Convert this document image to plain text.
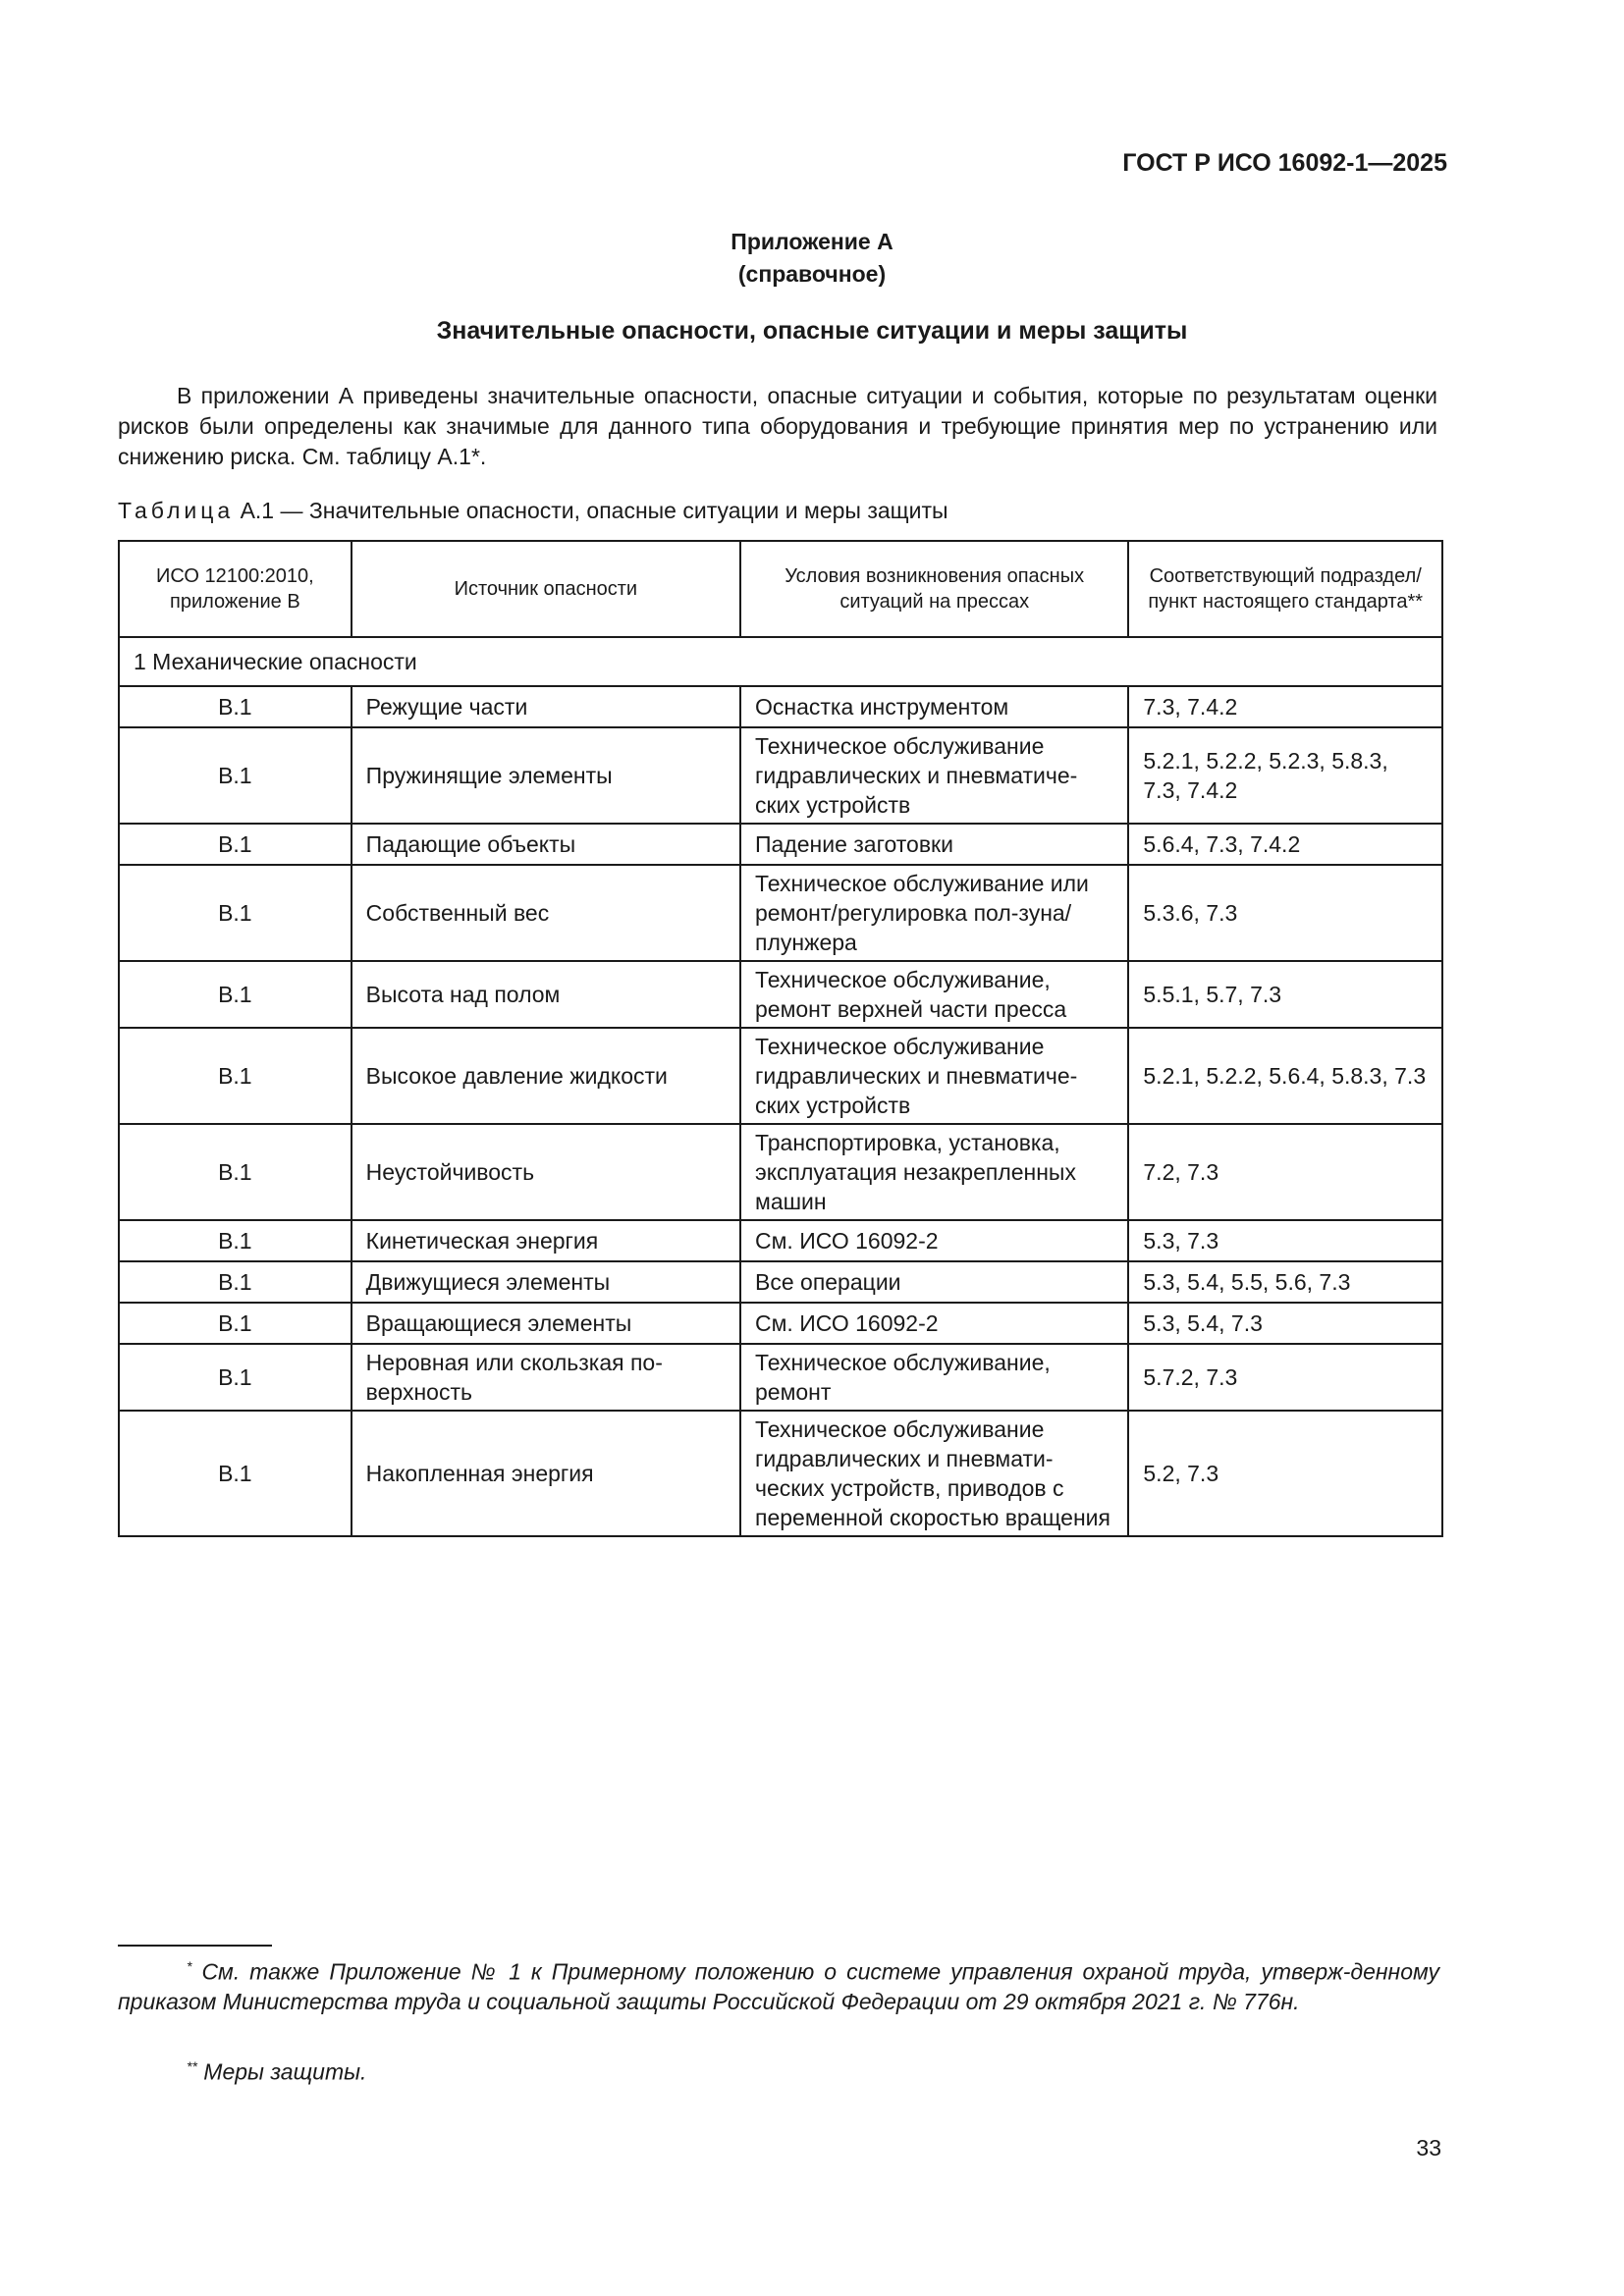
ГОСТ Р ИСО 16092-1—2025
Приложение А
(справочное)
Значительные опасности, опасные ситуации и меры защиты

В приложении А приведены значительные опасности, опасные ситуации и события, которые по результатам оценки рисков были определены как значимые для данного типа оборудования и требующие принятия мер по устранению или снижению риска. См. таблицу А.1*.

Таблица А.1 — Значительные опасности, опасные ситуации и меры защиты
ИСО 12100:2010, приложение В	Источник опасности	Условия возникновения опасных ситуаций на прессах	Соответствующий подраздел/пункт настоящего стандарта**
1 Механические опасности			
В.1	Режущие части	Оснастка инструментом	7.3, 7.4.2
В.1	Пружинящие элементы	Техническое обслуживание гидравлических и пневматиче-ских устройств	5.2.1, 5.2.2, 5.2.3, 5.8.3, 7.3, 7.4.2
В.1	Падающие объекты	Падение заготовки	5.6.4, 7.3, 7.4.2
В.1	Собственный вес	Техническое обслуживание или ремонт/регулировка пол-зуна/плунжера	5.3.6, 7.3
В.1	Высота над полом	Техническое обслуживание, ремонт верхней части пресса	5.5.1, 5.7, 7.3
В.1	Высокое давление жидкости	Техническое обслуживание гидравлических и пневматиче-ских устройств	5.2.1, 5.2.2, 5.6.4, 5.8.3, 7.3
В.1	Неустойчивость	Транспортировка, установка, эксплуатация незакрепленных машин	7.2, 7.3
В.1	Кинетическая энергия	См. ИСО 16092-2	5.3, 7.3
В.1	Движущиеся элементы	Все операции	5.3, 5.4, 5.5, 5.6, 7.3
В.1	Вращающиеся элементы	См. ИСО 16092-2	5.3, 5.4, 7.3
В.1	Неровная или скользкая по-верхность	Техническое обслуживание, ремонт	5.7.2, 7.3
В.1	Накопленная энергия	Техническое обслуживание гидравлических и пневмати-ческих устройств, приводов с переменной скоростью вращения	5.2, 7.3

* См. также Приложение № 1 к Примерному положению о системе управления охраной труда, утверж-денному приказом Министерства труда и социальной защиты Российской Федерации от 29 октября 2021 г. № 776н.

** Меры защиты.

33
